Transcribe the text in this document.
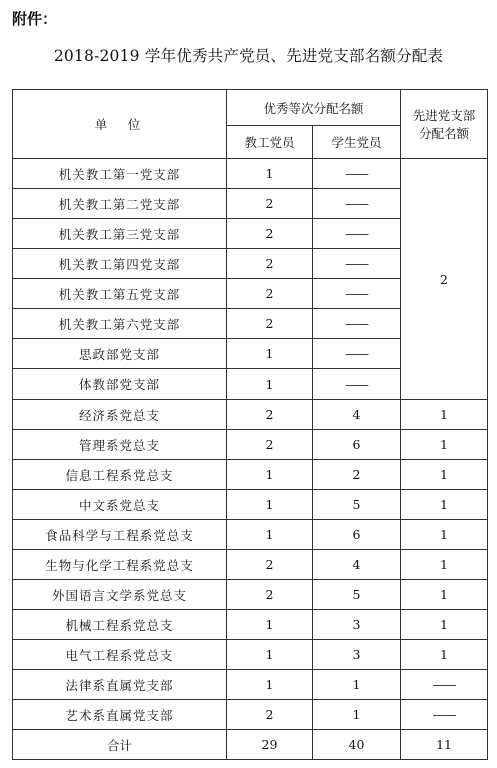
附件：
2018-2019 学年优秀共产党员、先进党支部名额分配表
单　位	优秀等次分配名额		先进党支部
分配名额

	教工党员	学生党员	
机关教工第一党支部	1	——	2
机关教工第二党支部	2	——	
机关教工第三党支部	2	——	
机关教工第四党支部	2	——	
机关教工第五党支部	2	——	
机关教工第六党支部	2	——	
思政部党支部	1	——	
体教部党支部	1	——	
经济系党总支	2	4	1
管理系党总支	2	6	1
信息工程系党总支	1	2	1
中文系党总支	1	5	1
食品科学与工程系党总支	1	6	1
生物与化学工程系党总支	2	4	1
外国语言文学系党总支	2	5	1
机械工程系党总支	1	3	1
电气工程系党总支	1	3	1
法律系直属党支部	1	1	——
艺术系直属党支部	2	1	——
合计	29	40	11
